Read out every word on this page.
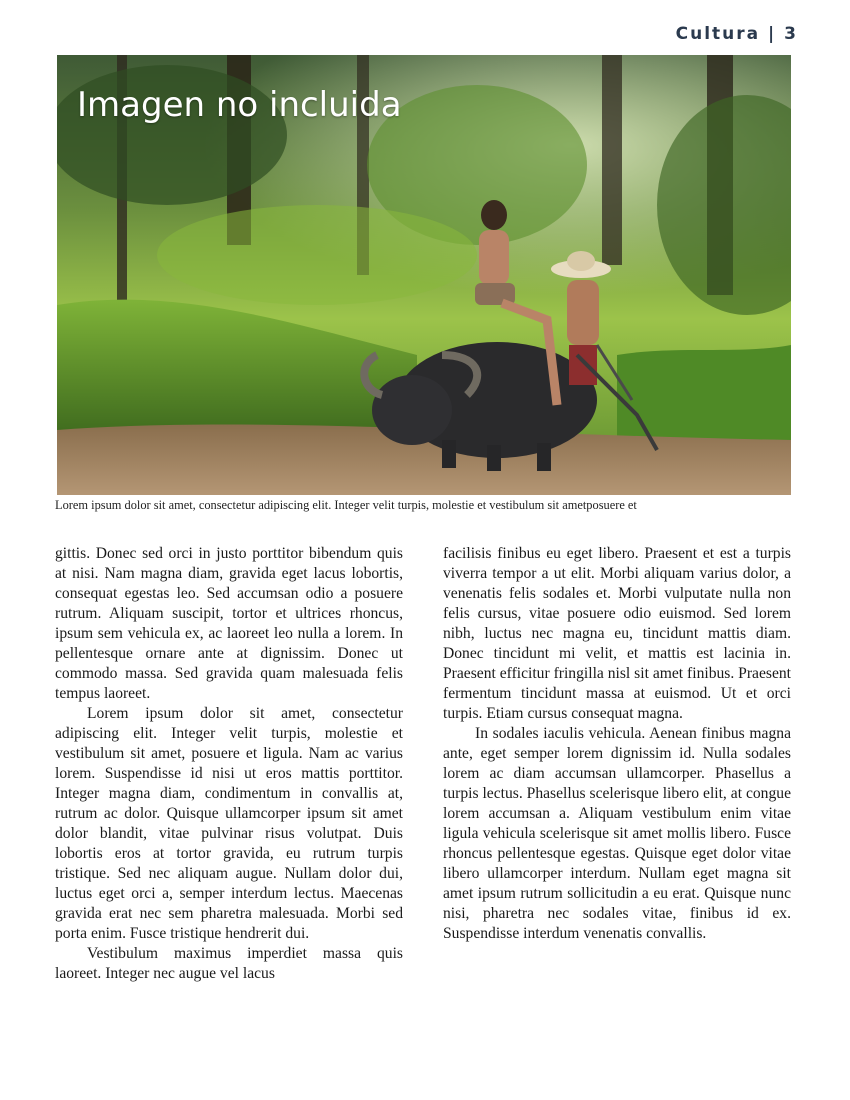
Cultura | 3
Imagen no incluida
Lorem ipsum dolor sit amet, consectetur adipiscing elit. Integer velit turpis, molestie et vestibulum sit ametposuere et

gittis. Donec sed orci in justo porttitor bibendum quis at nisi. Nam magna diam, gravida eget lacus lobortis, consequat egestas leo. Sed accumsan odio a posuere rutrum. Aliquam suscipit, tortor et ultrices rhoncus, ipsum sem vehicula ex, ac laoreet leo nulla a lorem. In pellentesque ornare ante at dignissim. Donec ut commodo massa. Sed gravida quam malesuada felis tempus laoreet.

Lorem ipsum dolor sit amet, consectetur adipiscing elit. Integer velit turpis, molestie et vestibulum sit amet, posuere et ligula. Nam ac varius lorem. Suspendisse id nisi ut eros mattis porttitor. Integer magna diam, condimentum in convallis at, rutrum ac dolor. Quisque ullamcorper ipsum sit amet dolor blandit, vitae pulvinar risus volutpat. Duis lobortis eros at tortor gravida, eu rutrum turpis tristique. Sed nec aliquam augue. Nullam dolor dui, luctus eget orci a, semper interdum lectus. Maecenas gravida erat nec sem pharetra malesuada. Morbi sed porta enim. Fusce tristique hendrerit dui.

Vestibulum maximus imperdiet massa quis laoreet. Integer nec augue vel lacus

facilisis finibus eu eget libero. Praesent et est a turpis viverra tempor a ut elit. Morbi aliquam varius dolor, a venenatis felis sodales et. Morbi vulputate nulla non felis cursus, vitae posuere odio euismod. Sed lorem nibh, luctus nec magna eu, tincidunt mattis diam. Donec tincidunt mi velit, et mattis est lacinia in. Praesent efficitur fringilla nisl sit amet finibus. Praesent fermentum tincidunt massa at euismod. Ut et orci turpis. Etiam cursus consequat magna.

In sodales iaculis vehicula. Aenean finibus magna ante, eget semper lorem dignissim id. Nulla sodales lorem ac diam accumsan ullamcorper. Phasellus a turpis lectus. Phasellus scelerisque libero elit, at congue lorem accumsan a. Aliquam vestibulum enim vitae ligula vehicula scelerisque sit amet mollis libero. Fusce rhoncus pellentesque egestas. Quisque eget dolor vitae libero ullamcorper interdum. Nullam eget magna sit amet ipsum rutrum sollicitudin a eu erat. Quisque nunc nisi, pharetra nec sodales vitae, finibus id ex. Suspendisse interdum venenatis convallis.
